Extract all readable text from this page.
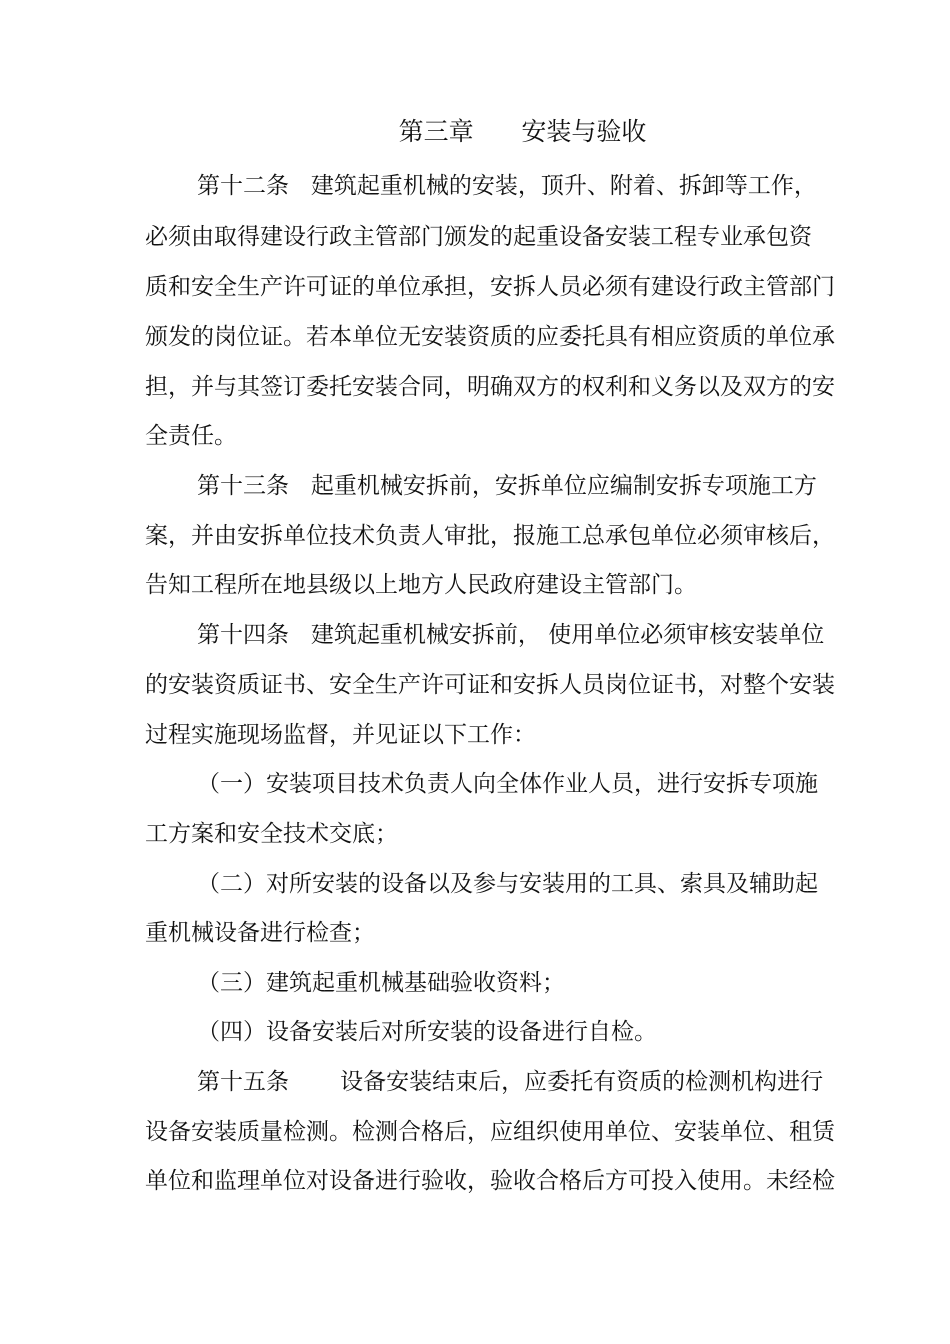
第三章      安装与验收
第十二条   建筑起重机械的安装，顶升、附着、拆卸等工作，
必须由取得建设行政主管部门颁发的起重设备安装工程专业承包资
质和安全生产许可证的单位承担，安拆人员必须有建设行政主管部门
颁发的岗位证。若本单位无安装资质的应委托具有相应资质的单位承
担，并与其签订委托安装合同，明确双方的权利和义务以及双方的安
全责任。
第十三条   起重机械安拆前，安拆单位应编制安拆专项施工方
案，并由安拆单位技术负责人审批，报施工总承包单位必须审核后，
告知工程所在地县级以上地方人民政府建设主管部门。
第十四条   建筑起重机械安拆前， 使用单位必须审核安装单位
的安装资质证书、安全生产许可证和安拆人员岗位证书，对整个安装
过程实施现场监督，并见证以下工作：
（一）安装项目技术负责人向全体作业人员，进行安拆专项施
工方案和安全技术交底；
（二）对所安装的设备以及参与安装用的工具、索具及辅助起
重机械设备进行检查；
（三）建筑起重机械基础验收资料；
（四）设备安装后对所安装的设备进行自检。
第十五条       设备安装结束后，应委托有资质的检测机构进行
设备安装质量检测。检测合格后，应组织使用单位、安装单位、租赁
单位和监理单位对设备进行验收，验收合格后方可投入使用。未经检
